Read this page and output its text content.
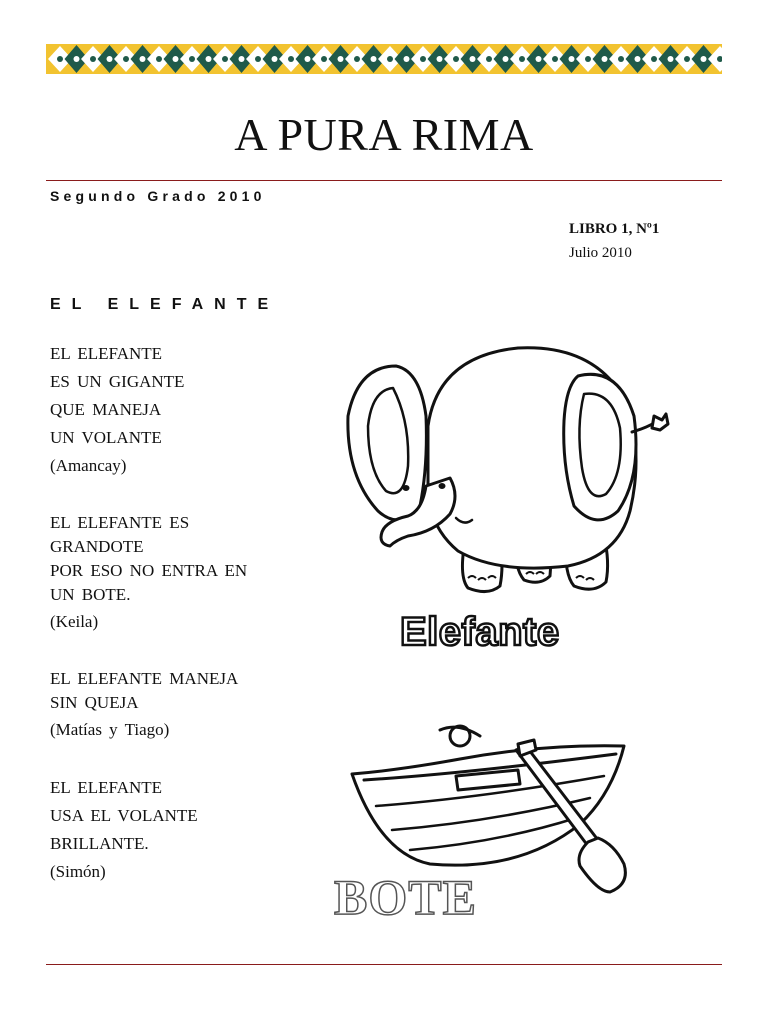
A PURA RIMA
Segundo Grado 2010
LIBRO 1, Nº1
Julio 2010
EL ELEFANTE
EL ELEFANTE
ES UN GIGANTE
QUE MANEJA
UN VOLANTE
(Amancay)
EL ELEFANTE ES
GRANDOTE
POR ESO NO ENTRA EN
UN BOTE.
(Keila)
EL ELEFANTE MANEJA
SIN QUEJA
(Matías y Tiago)
EL ELEFANTE
USA EL VOLANTE
BRILLANTE.
(Simón)
Elefante
BOTE
